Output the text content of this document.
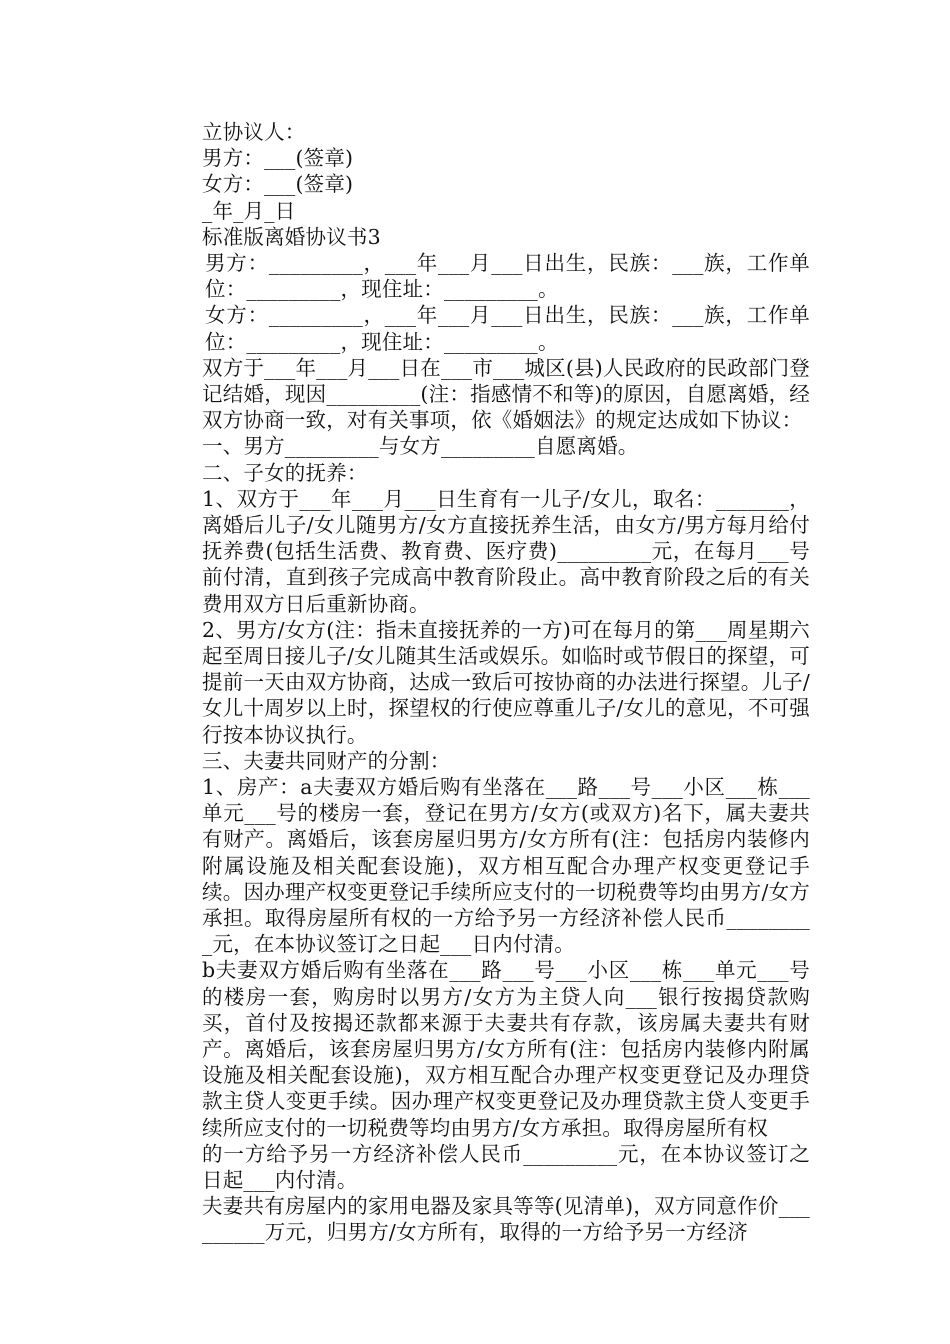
立协议人：
男方：___(签章)
女方：___(签章)
_年_月_日
标准版离婚协议书3
男方：_________，___年___月___日出生，民族：___族，工作单位：_________，现住址：_________。
女方：_________，___年___月___日出生，民族：___族，工作单位：_________，现住址：_________。
双方于___年___月___日在___市___城区(县)人民政府的民政部门登记结婚，现因_________(注：指感情不和等)的原因，自愿离婚，经双方协商一致，对有关事项，依《婚姻法》的规定达成如下协议：
一、男方_________与女方_________自愿离婚。
二、子女的抚养：
1、双方于___年___月___日生育有一儿子/女儿，取名：_______，离婚后儿子/女儿随男方/女方直接抚养生活，由女方/男方每月给付抚养费(包括生活费、教育费、医疗费)_________元，在每月___号前付清，直到孩子完成高中教育阶段止。高中教育阶段之后的有关费用双方日后重新协商。
2、男方/女方(注：指未直接抚养的一方)可在每月的第___周星期六起至周日接儿子/女儿随其生活或娱乐。如临时或节假日的探望，可提前一天由双方协商，达成一致后可按协商的办法进行探望。儿子/女儿十周岁以上时，探望权的行使应尊重儿子/女儿的意见，不可强行按本协议执行。
三、夫妻共同财产的分割：
1、房产：a夫妻双方婚后购有坐落在___路___号___小区___栋___单元___号的楼房一套，登记在男方/女方(或双方)名下，属夫妻共有财产。离婚后，该套房屋归男方/女方所有(注：包括房内装修内附属设施及相关配套设施)，双方相互配合办理产权变更登记手续。因办理产权变更登记手续所应支付的一切税费等均由男方/女方承担。取得房屋所有权的一方给予另一方经济补偿人民币_________元，在本协议签订之日起___日内付清。
b夫妻双方婚后购有坐落在___路___号___小区___栋___单元___号的楼房一套，购房时以男方/女方为主贷人向___银行按揭贷款购买，首付及按揭还款都来源于夫妻共有存款，该房属夫妻共有财产。离婚后，该套房屋归男方/女方所有(注：包括房内装修内附属设施及相关配套设施)，双方相互配合办理产权变更登记及办理贷款主贷人变更手续。因办理产权变更登记及办理贷款主贷人变更手续所应支付的一切税费等均由男方/女方承担。取得房屋所有权
的一方给予另一方经济补偿人民币_________元，在本协议签订之日起___内付清。
夫妻共有房屋内的家用电器及家具等等(见清单)，双方同意作价_________万元，归男方/女方所有，取得的一方给予另一方经济
